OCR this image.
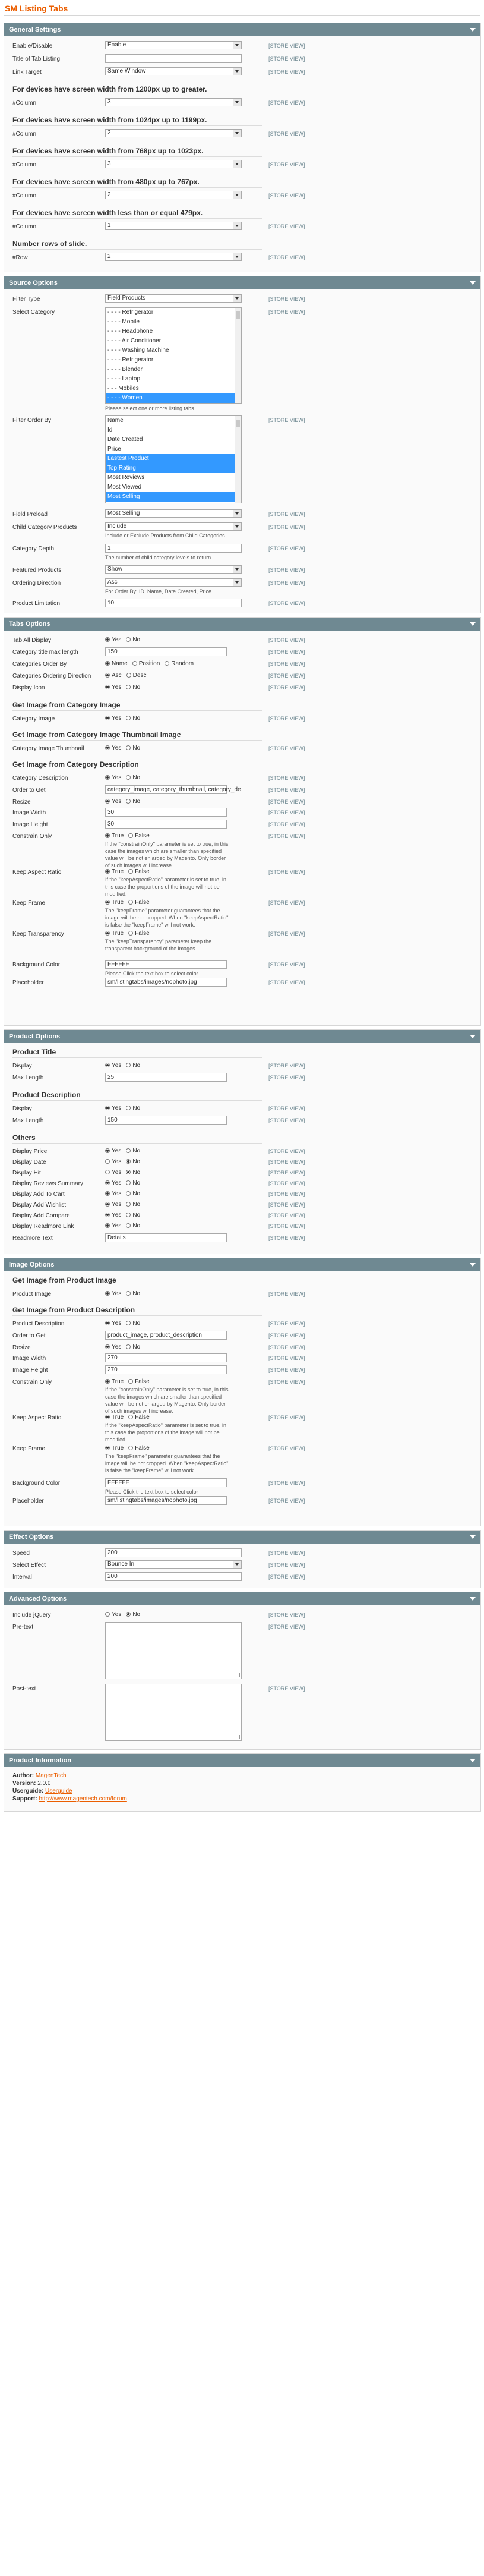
SM Listing Tabs
General Settings
Enable/Disable	Enable	[STORE VIEW]
Title of Tab Listing	[STORE VIEW]
Link Target	Same Window	[STORE VIEW]
For devices have screen width from 1200px up to greater.
#Column	3	[STORE VIEW]
For devices have screen width from 1024px up to 1199px.
#Column	2	[STORE VIEW]
For devices have screen width from 768px up to 1023px.
#Column	3	[STORE VIEW]
For devices have screen width from 480px up to 767px.
#Column	2	[STORE VIEW]
For devices have screen width less than or equal 479px.
#Column	1	[STORE VIEW]
Number rows of slide.
#Row	2	[STORE VIEW]
Source Options
Filter Type	Field Products	[STORE VIEW]
Select Category	- - - - Refrigerator
- - - - Mobile
- - - - Headphone
- - - - Air Conditioner
- - - - Washing Machine
- - - - Refrigerator
- - - - Blender
- - - - Laptop
- - - Mobiles
- - - - Women
Please select one or more listing tabs.
[STORE VIEW]
Filter Order By	Name
Id
Date Created
Price
Lastest Product
Top Rating
Most Reviews
Most Viewed
Most Selling
[STORE VIEW]
Field Preload	Most Selling	[STORE VIEW]
Child Category Products	Include
Include or Exclude Products from Child Categories.
[STORE VIEW]
Category Depth	1
The number of child category levels to return.
[STORE VIEW]
Featured Products	Show	[STORE VIEW]
Ordering Direction	Asc
For Order By: ID, Name, Date Created, Price
[STORE VIEW]
Product Limitation	10	[STORE VIEW]
Tabs Options
Tab All Display	Yes No	[STORE VIEW]
Category title max length	150	[STORE VIEW]
Categories Order By	Name Position Random	[STORE VIEW]
Categories Ordering Direction	Asc Desc	[STORE VIEW]
Display Icon	Yes No	[STORE VIEW]
Get Image from Category Image
Category Image	Yes No	[STORE VIEW]
Get Image from Category Image Thumbnail Image
Category Image Thumbnail	Yes No	[STORE VIEW]
Get Image from Category Description
Category Description	Yes No	[STORE VIEW]
Order to Get	category_image, category_thumbnail, category_de	[STORE VIEW]
Resize	Yes No	[STORE VIEW]
Image Width	30	[STORE VIEW]
Image Height	30	[STORE VIEW]
Constrain Only	True False
If the "constrainOnly" parameter is set to true, in this case the images which are smaller than specified value will be not enlarged by Magento. Only border of such images will increase.
[STORE VIEW]
Keep Aspect Ratio	True False
If the "keepAspectRatio" parameter is set to true, in this case the proportions of the image will not be modified.
[STORE VIEW]
Keep Frame	True False
The "keepFrame" parameter guarantees that the image will be not cropped. When "keepAspectRatio" is false the "keepFrame" will not work.
[STORE VIEW]
Keep Transparency	True False
The "keepTransparency" parameter keep the transparent background of the images.
[STORE VIEW]
Background Color	FFFFFF
Please Click the text box to select color
[STORE VIEW]
Placeholder	sm/listingtabs/images/nophoto.jpg	[STORE VIEW]
Product Options
Product Title
Display	Yes No	[STORE VIEW]
Max Length	25	[STORE VIEW]
Product Description
Display	Yes No	[STORE VIEW]
Max Length	150	[STORE VIEW]
Others
Display Price	Yes No	[STORE VIEW]
Display Date	Yes No	[STORE VIEW]
Display Hit	Yes No	[STORE VIEW]
Display Reviews Summary	Yes No	[STORE VIEW]
Display Add To Cart	Yes No	[STORE VIEW]
Display Add Wishlist	Yes No	[STORE VIEW]
Display Add Compare	Yes No	[STORE VIEW]
Display Readmore Link	Yes No	[STORE VIEW]
Readmore Text	Details	[STORE VIEW]
Image Options
Get Image from Product Image
Product Image	Yes No	[STORE VIEW]
Get Image from Product Description
Product Description	Yes No	[STORE VIEW]
Order to Get	product_image, product_description	[STORE VIEW]
Resize	Yes No	[STORE VIEW]
Image Width	270	[STORE VIEW]
Image Height	270	[STORE VIEW]
Constrain Only	True False
If the "constrainOnly" parameter is set to true, in this case the images which are smaller than specified value will be not enlarged by Magento. Only border of such images will increase.
[STORE VIEW]
Keep Aspect Ratio	True False
If the "keepAspectRatio" parameter is set to true, in this case the proportions of the image will not be modified.
[STORE VIEW]
Keep Frame	True False
The "keepFrame" parameter guarantees that the image will be not cropped. When "keepAspectRatio" is false the "keepFrame" will not work.
[STORE VIEW]
Background Color	FFFFFF
Please Click the text box to select color
[STORE VIEW]
Placeholder	sm/listingtabs/images/nophoto.jpg	[STORE VIEW]
Effect Options
Speed	200	[STORE VIEW]
Select Effect	Bounce In	[STORE VIEW]
Interval	200	[STORE VIEW]
Advanced Options
Include jQuery	Yes No	[STORE VIEW]
Pre-text	[STORE VIEW]
Post-text	[STORE VIEW]
Product Information
Author: MagenTech
Version: 2.0.0
Userguide: Userguide
Support: http://www.magentech.com/forum
